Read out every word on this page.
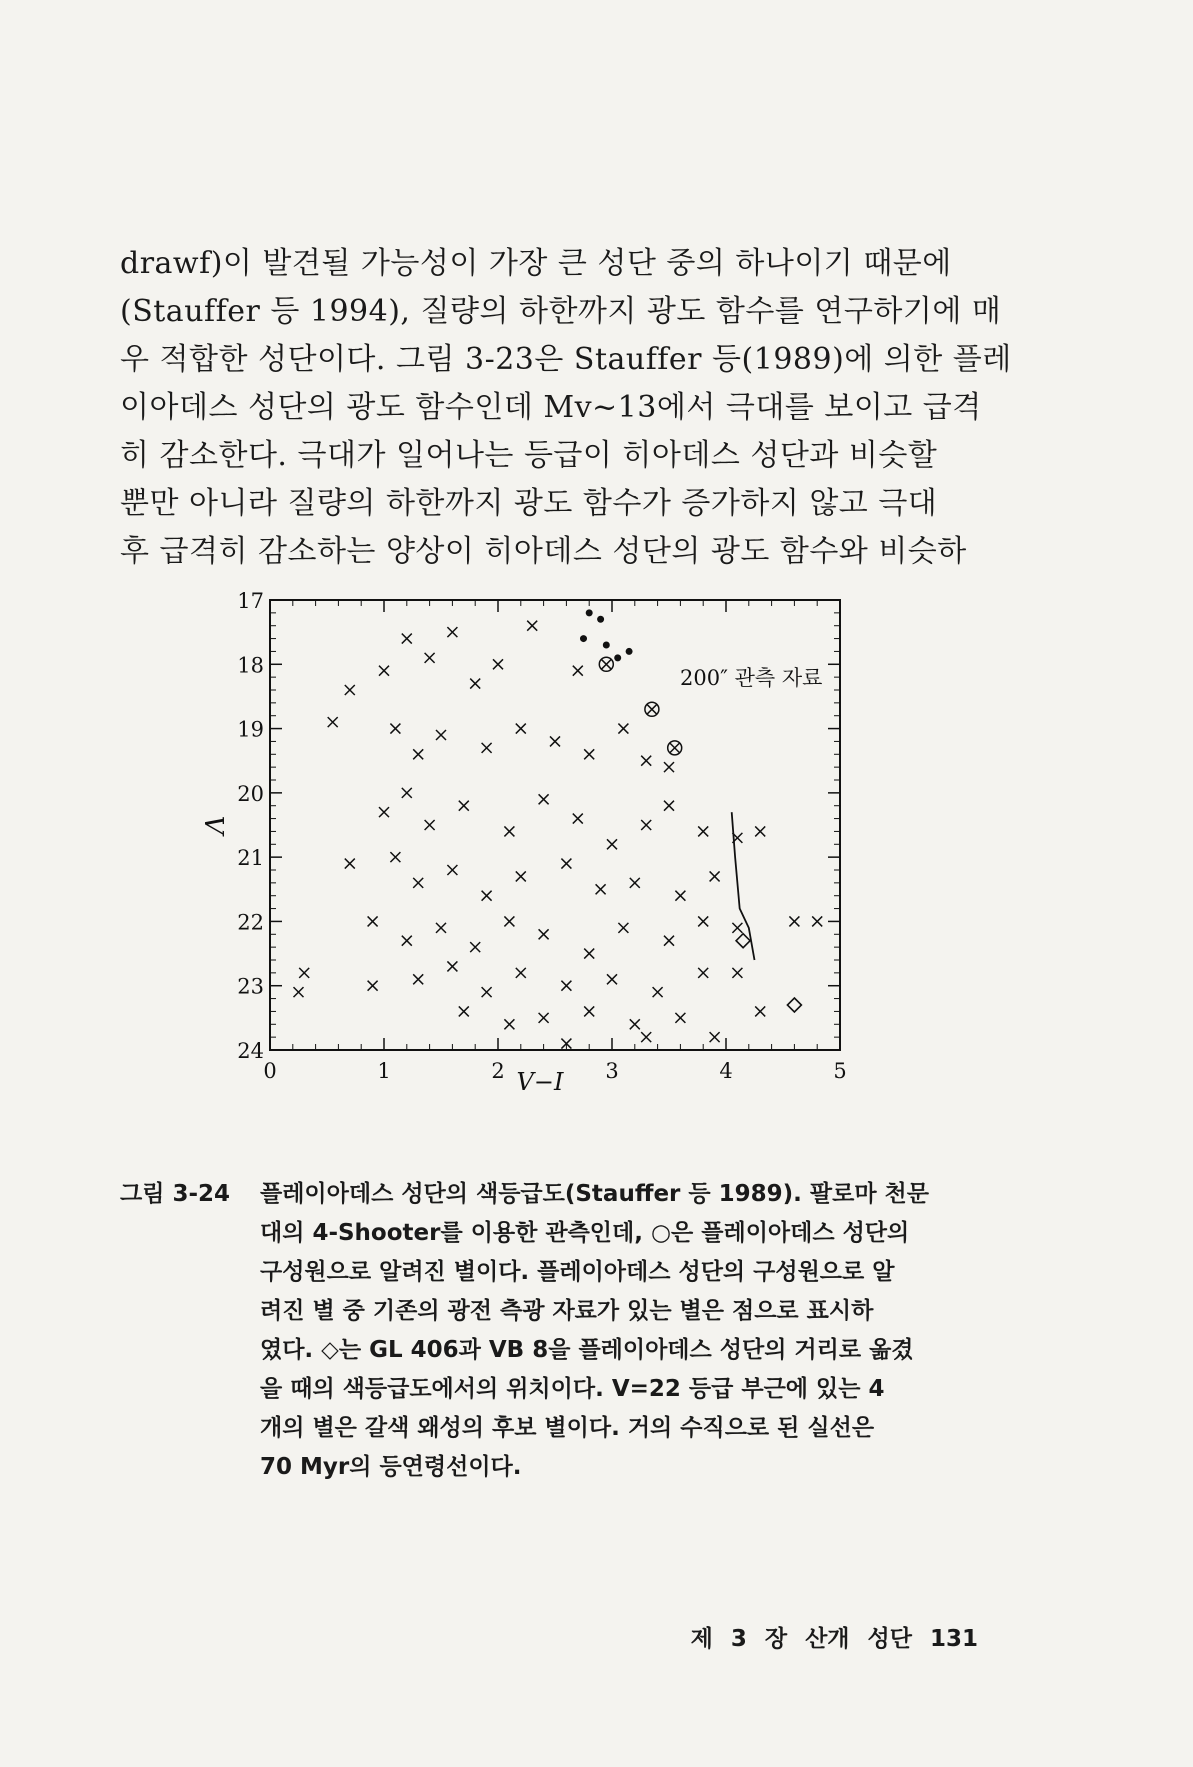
drawf)이 발견될 가능성이 가장 큰 성단 중의 하나이기 때문에
(Stauffer 등 1994), 질량의 하한까지 광도 함수를 연구하기에 매
우 적합한 성단이다. 그림 3-23은 Stauffer 등(1989)에 의한 플레
이아데스 성단의 광도 함수인데 Mv~13에서 극대를 보이고 급격
히 감소한다. 극대가 일어나는 등급이 히아데스 성단과 비슷할
뿐만 아니라 질량의 하한까지 광도 함수가 증가하지 않고 극대
후 급격히 감소하는 양상이 히아데스 성단의 광도 함수와 비슷하
0	1	2	3	4	5
17
18
19
20
21
22
23
24
200″ 관측 자료
V−I
V
그림 3-24 플레이아데스 성단의 색등급도(Stauffer 등 1989). 팔로마 천문
대의 4-Shooter를 이용한 관측인데, ○은 플레이아데스 성단의
구성원으로 알려진 별이다. 플레이아데스 성단의 구성원으로 알
려진 별 중 기존의 광전 측광 자료가 있는 별은 점으로 표시하
였다. ◇는 GL 406과 VB 8을 플레이아데스 성단의 거리로 옮겼
을 때의 색등급도에서의 위치이다. V=22 등급 부근에 있는 4
개의 별은 갈색 왜성의 후보 별이다. 거의 수직으로 된 실선은
70 Myr의 등연령선이다.
제 3 장 산개 성단 131
